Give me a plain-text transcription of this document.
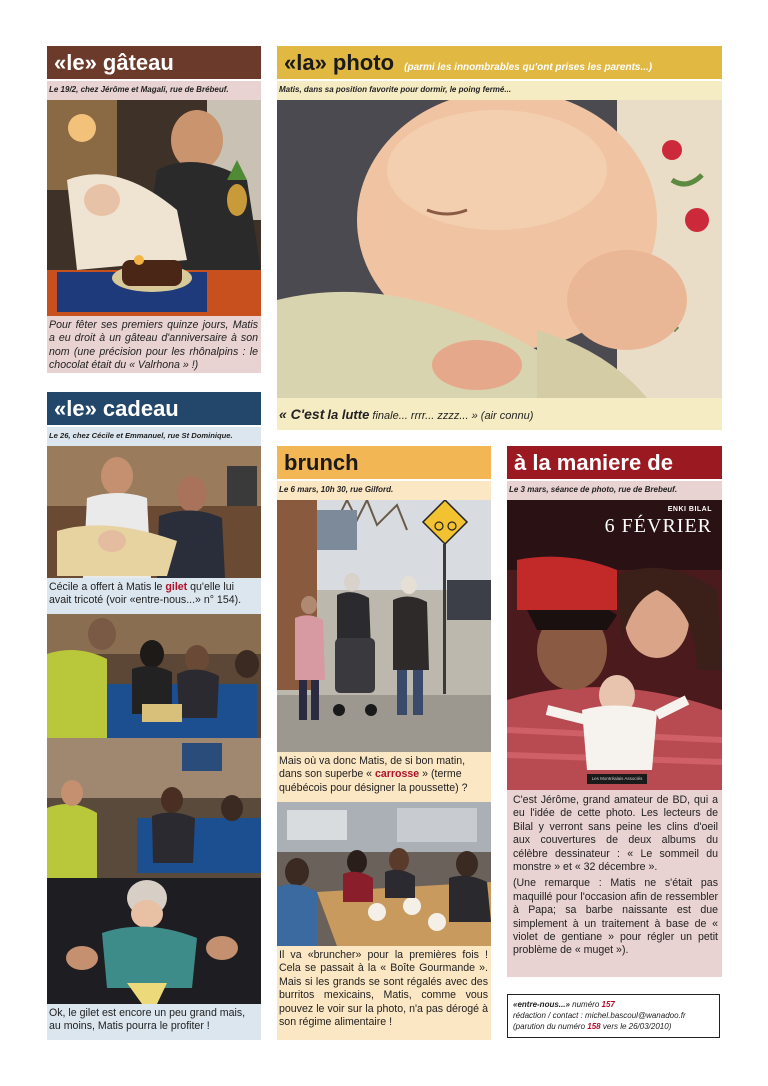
«le» gâteau
Le 19/2, chez Jérôme et Magali, rue de Brébeuf.
Pour fêter ses premiers quinze jours, Matis a eu droit à un gâteau d'anniversaire à son nom (une précision pour les rhônalpins : le chocolat était du « Valrhona » !)
«la» photo (parmi les innombrables qu'ont prises les parents...)
Matis, dans sa position favorite pour dormir, le poing fermé...
« C'est la lutte finale... rrrr... zzzz... » (air connu)
«le» cadeau
Le 26, chez Cécile et Emmanuel, rue St Dominique.
Cécile a offert à Matis le gilet qu'elle lui avait tricoté (voir «entre-nous...» n° 154).
Ok, le gilet est encore un peu grand mais, au moins, Matis pourra le profiter !
brunch
Le 6 mars, 10h 30, rue Gilford.
Mais où va donc Matis, de si bon matin, dans son superbe « carrosse » (terme québécois pour désigner la poussette) ?
Il va «bruncher» pour la premières fois ! Cela se passait à la « Boîte Gourmande ». Mais si les grands se sont régalés avec des burritos mexicains, Matis, comme vous pouvez le voir sur la photo, n'a pas dérogé à son régime alimentaire !
à la maniere de
Le 3 mars, séance de photo, rue de Brebeuf.
ENKI BILAL
6 FÉVRIER
Les Montréalais Associés
C'est Jérôme, grand amateur de BD, qui a eu l'idée de cette photo. Les lecteurs de Bilal y verront sans peine les clins d'oeil aux couvertures de deux albums du célèbre dessinateur : « Le sommeil du monstre » et « 32 décembre ».
(Une remarque : Matis ne s'était pas maquillé pour l'occasion afin de ressembler à Papa; sa barbe naissante est due simplement à un traitement à base de « violet de gentiane » pour régler un petit problème de « muget »).
«entre-nous...» numéro 157
rédaction / contact : michel.bascoul@wanadoo.fr
(parution du numéro 158 vers le 26/03/2010)
